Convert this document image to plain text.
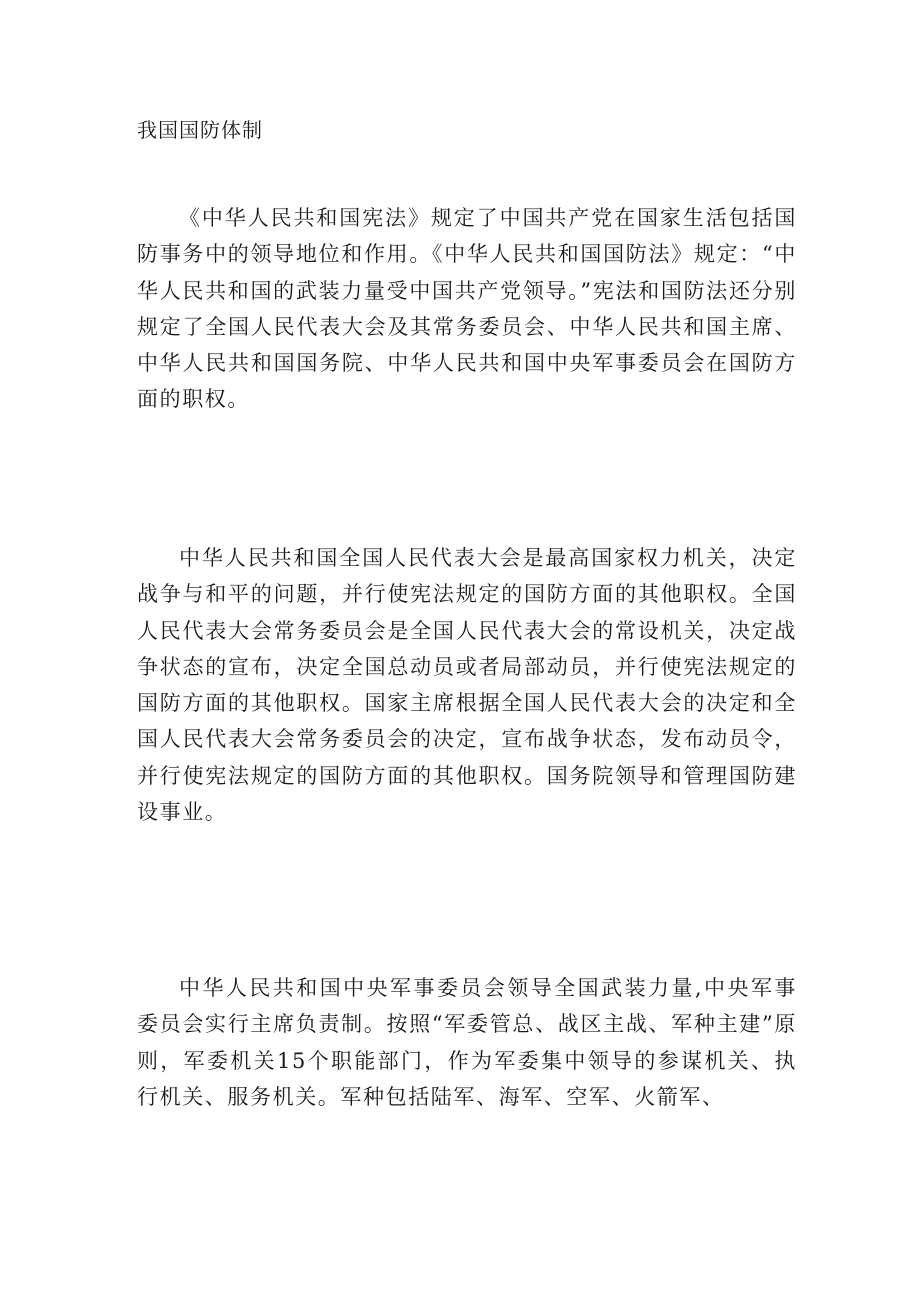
我国国防体制

《中华人民共和国宪法》规定了中国共产党在国家生活包括国防事务中的领导地位和作用。《中华人民共和国国防法》规定：“中华人民共和国的武装力量受中国共产党领导。”宪法和国防法还分别规定了全国人民代表大会及其常务委员会、中华人民共和国主席、中华人民共和国国务院、中华人民共和国中央军事委员会在国防方面的职权。

中华人民共和国全国人民代表大会是最高国家权力机关，决定战争与和平的问题，并行使宪法规定的国防方面的其他职权。全国人民代表大会常务委员会是全国人民代表大会的常设机关，决定战争状态的宣布，决定全国总动员或者局部动员，并行使宪法规定的国防方面的其他职权。国家主席根据全国人民代表大会的决定和全国人民代表大会常务委员会的决定，宣布战争状态，发布动员令，并行使宪法规定的国防方面的其他职权。国务院领导和管理国防建设事业。

中华人民共和国中央军事委员会领导全国武装力量,中央军事委员会实行主席负责制。按照“军委管总、战区主战、军种主建”原则，军委机关15个职能部门，作为军委集中领导的参谋机关、执行机关、服务机关。军种包括陆军、海军、空军、火箭军、
